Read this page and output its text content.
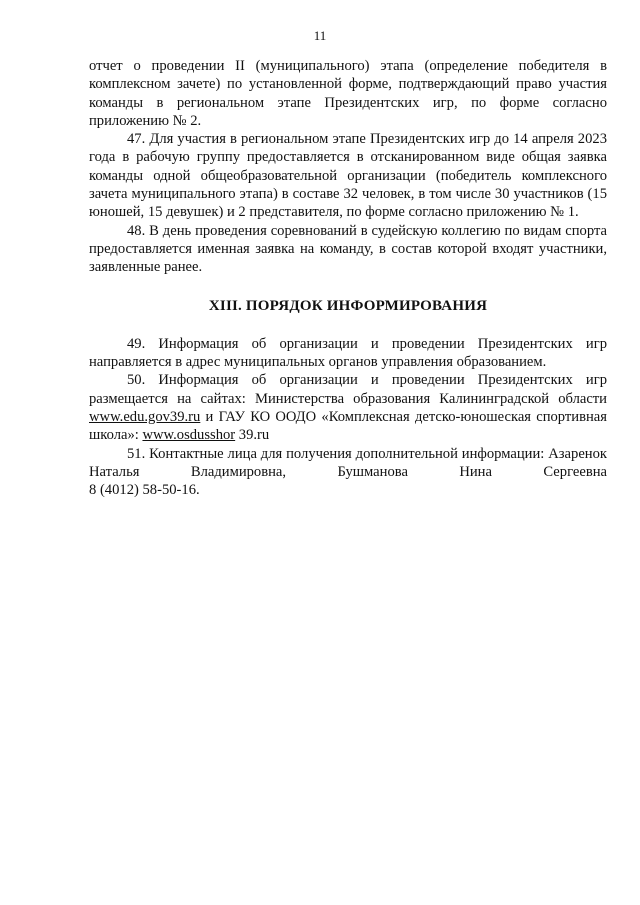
11

отчет о проведении II (муниципального) этапа (определение победителя в комплексном зачете) по установленной форме, подтверждающий право участия команды в региональном этапе Президентских игр, по форме согласно приложению № 2.

47. Для участия в региональном этапе Президентских игр до 14 апреля 2023 года в рабочую группу предоставляется в отсканированном виде общая заявка команды одной общеобразовательной организации (победитель комплексного зачета муниципального этапа) в составе 32 человек, в том числе 30 участников (15 юношей, 15 девушек) и 2 представителя, по форме согласно приложению № 1.

48. В день проведения соревнований в судейскую коллегию по видам спорта предоставляется именная заявка на команду, в состав которой входят участники, заявленные ранее.

XIII. ПОРЯДОК ИНФОРМИРОВАНИЯ

49. Информация об организации и проведении Президентских игр направляется в адрес муниципальных органов управления образованием.

50. Информация об организации и проведении Президентских игр размещается на сайтах: Министерства образования Калининградской области www.edu.gov39.ru и ГАУ КО ООДО «Комплексная детско-юношеская спортивная школа»: www.osdusshor 39.ru

51. Контактные лица для получения дополнительной информации: Азаренок Наталья Владимировна, Бушманова Нина Сергеевна

8 (4012) 58-50-16.
